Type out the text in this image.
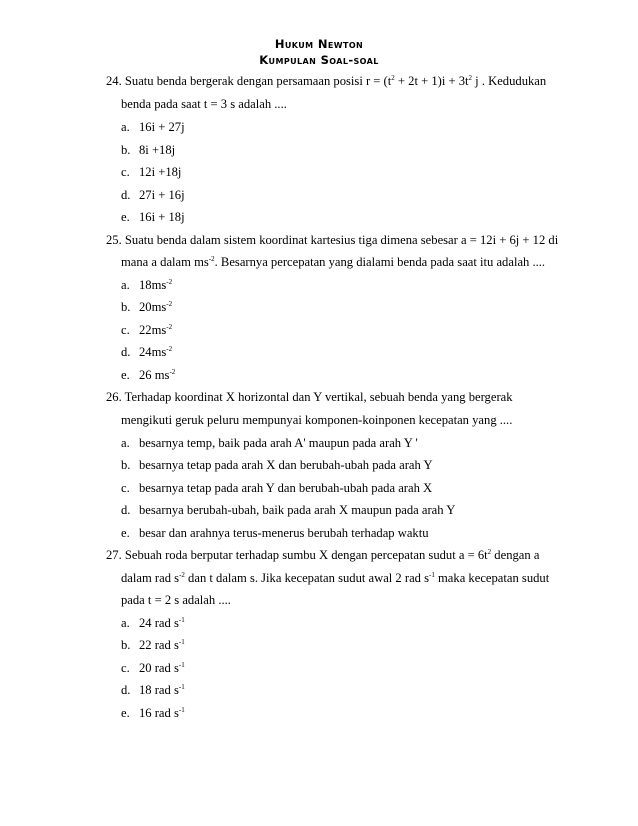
Hukum Newton
Kumpulan Soal-soal
24. Suatu benda bergerak dengan persamaan posisi $r = (t^2 + 2t + 1)i + 3t^2$ j . Kedudukan
benda pada saat t = 3 s adalah ....
a. 16i + 27j
b. 8i +18j
c. 12i +18j
d. 27i + 16j
e. 16i + 18j
25. Suatu benda dalam sistem koordinat kartesius tiga dimena sebesar a = 12i + 6j + 12 di
mana a dalam $ms^{-2}$. Besarnya percepatan yang dialami benda pada saat itu adalah ....
a. $18ms^{-2}$
b. $20ms^{-2}$
c. $22ms^{-2}$
d. $24ms^{-2}$
e. 26 $ms^{-2}$
26. Terhadap koordinat X horizontal dan Y vertikal, sebuah benda yang bergerak
mengikuti geruk peluru mempunyai komponen-koinponen kecepatan yang ....
a. besarnya temp, baik pada arah A' maupun pada arah Y '
b. besarnya tetap pada arah X dan berubah-ubah pada arah Y
c. besarnya tetap pada arah Y dan berubah-ubah pada arah X
d. besarnya berubah-ubah, baik pada arah X maupun pada arah Y
e. besar dan arahnya terus-menerus berubah terhadap waktu
27. Sebuah roda berputar terhadap sumbu X dengan percepatan sudut $a = 6t^2$ dengan a
dalam rad $s^{-2}$ dan t dalam s. Jika kecepatan sudut awal 2 rad $s^{-1}$ maka kecepatan sudut
pada t = 2 s adalah ....
a. 24 rad $s^{-1}$
b. 22 rad $s^{-1}$
c. 20 rad $s^{-1}$
d. 18 rad $s^{-1}$
e. 16 rad $s^{-1}$
